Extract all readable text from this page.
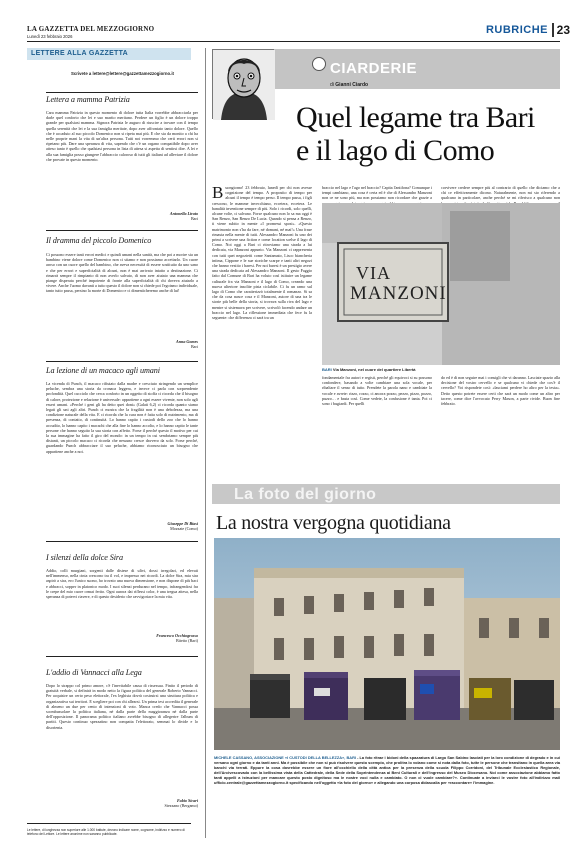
LA GAZZETTA DEL MEZZOGIORNO
Lunedì 23 febbraio 2026
RUBRICHE 23
LETTERE ALLA GAZZETTA
Scrivete a lettere@lettere@gazzettamezzogiorno.it
Lettera a mamma Patrizia
Cara mamma Patrizia in questo momento di dolore tutta Italia vorrebbe abbracciarla per darle quel conforto che lei e suo marito meritano. Perdere un figlio è un dolore troppo grande per qualsiasi mamma. Signora Patrizia le auguro di riuscire a trovare con il tempo quella serenità che lei e la sua famiglia meritate, dopo aver affrontato tanto dolore. Quello che è accaduto al suo piccolo Domenico non si ripeta mai più. E che sia da monito a chi ha nelle proprie mani la vita di un'altra persona. Tutti noi vorremmo che certi errori non si ripetano più. Dare una speranza di vita, sapendo che c'è un organo compatibile dopo aver atteso tanto è quello che qualsiasi persona in lista di attesa si aspetta di sentirsi dire. A lei e alla sua famiglia posso giungere l'abbraccio caloroso di tutti gli italiani ad alleviare il dolore che provate in questo momento.
Antonella Lirato
Bari
Il dramma del piccolo Domenico
Ci possono essere tanti errori medici e quindi umani nella sanità, ma che poi a morire sia un bambino viene dolore come Domenico non ci stiamo e non possiamo accettarlo. Un cuore aroso con un cuore quello del bambino, che aveva necessità di essere sostituito da uno sano e che per errori e superficialità di alcuni, non è mai arrivato intatto a destinazione. Ci rimarrà sempre il rimpianto di non averlo salvato, di non aver aiutato una mamma che piange disperata perché impotente di fronte alla superficialità di chi doveva aiutarlo a vivere. Anche l'uomo davanti a tutto questo il dolore non si chiede poi l'egoismo individuale, tanto tutto passa, persino la morte di Domenico e ci dimenticheremo anche di lui!
Anna Gomes
Bari
La lezione di un macaco agli umani
La vicenda di Punch, il macaco rifiutato dalla madre e cresciuto stringendo un semplice peluche, sembra una storia da cronaca leggera, e invece ci parla con sorprendente profondità. Quel cucciolo che cerca conforto in un oggetto di stoffa ci ricorda che il bisogno di calore, protezione e relazione è universale: appartiene a ogni essere vivente, non solo agli esseri umani. «Perché i geni gli ha detto quei doni» (Galati 6,2) ci ricorda quanto siamo legati gli uni agli altri. Punch ci mostra che la fragilità non è una debolezza, ma una condizione naturale della vita. E ci ricorda che la cura non è fatta solo di nutrimento, ma di presenza, di contatto, di continuità. Lo hanno capito i custodi dello zoo che lo hanno accudito, lo hanno capito i macachi che alla fine lo hanno accolto, e lo hanno capito le tante persone che hanno seguito la sua storia con affetto. Forse il perché questo il motivo per cui la sua immagine ha fatto il giro del mondo: in un tempo in cui sembriamo sempre più distanti, un piccolo macaco ci ricorda che nessuno cresce davvero da solo. Forse perché, guardando Punch abbracciare il suo peluche, abbiamo riconosciuto un bisogno che appartiene anche a noi.
Giuseppe Di Biasi
Mozzate (Como)
I silenzi della dolce Sira
Addio, colli murgiani, sorgenti dalle distese di ulivi, dossi irregolari, ed elevati nell'immenso, nella cinta crescono tra il vol, e impresso nei ricordi. La dolce Sira, mia sira aspirò a sira, ero l'unico suono, ho trovato una nuova dimensione, e non dispone di più baci e abbracci, sopper in platonico modo. I suoi silenzi perdurano nel tempo, infrangendosi fra le crepe del mio cuore ormai ferito. Ogni aurora dai riflessi color, è una tregua attesa, nella speranza di potervi riavere, e di questo desiderio che ravvigoriace la mia vita.
Francesco Occhiogrosso
Bitetto (Bari)
L'addio di Vannacci alla Lega
Dopo lo strappo col primo amore, c'è l'inevitabile causa di rissessua. Finito il periodo di gratuità verbale, si definirà in modo netto la figura politica del generale Roberto Vannacci. Per acquisire un certo peso elettorale, l'ex leghista dovrà costruirsi una struttura politica e organizzativa sui territori. E scegliere poi con chi allearsi. Un prima test accredita il generale di almeno un due per cento di intenzioni di voto. Manca credo che Vannacci possa scombussolare la politica italiana, nè dalla parte della maggioranza nè dalla parte dell'opposizione. Il panorama politico italiano avrebbe bisogno di allegerire l'album di partiti. Questo continuo spezzatino non compatta l'elettorato, semmai lo divide e lo disorienta.
Fabio Sicari
Stezzano (Bergamo)
Le lettere, di lunghezza non superiore alle 1.000 battute, devono indicare nome, cognome, indirizzo e numero di telefono del Lettore. Le lettere anonime non saranno pubblicate.
CIARDERIE
di Gianni Ciardo
Quel legame tra Bari
e il lago di Como
Buongiorno! 23 febbraio, lunedì per chi non avesse cognizione del tempo. A proposito di tempo per alcuni il tempo è tempo perso. Il tempo passa, i figli crescono, le mamme invecchiano, eccetera, eccetera. Le banalità inventione sempre di più. Solo i ricordi, solo quelli, alcune volte, ci salvano. Forse qualcuno non lo sa ma oggi è San Renzo, San Renzo De Lucia. Quando si pensa a Renzo, ti viene subito in mente «I promessi sposi». «Questo matrimonio non s'ha da fare, né domani, né mai!» Una frase rimasta nella mente di tutti. Alessandro Manzoni fu uno dei primi a scrivere una fiction e come location scelse il lago di Como. Noi oggi a Bari ci ritroviamo una strada a lui dedicata, via Manzoni appunto. Via Manzoni ci rappresenta con tutti quei negozietti come Santamato, Lisco biancheria intima, Cippone e le sue storiche scarpe e tanti altri negozi che hanno vestito i baresi. Per noi baresi è un prestigio avere una strada dedicata ad Alessandro Manzoni. Il gesto Faggio fatto dal Comune di Bari ha voluto così istituire un legame culturale fra via Manzoni e il lago di Como, creando una nuova ulteriore insolite pista ciclabile. Ci fu un ramo sul lago di Como che caratterizzò totalmente il romanzo. Si sa che da cosa nasce cosa e il Manzoni, autore di una tra le storie più belle della storia, si trovava sulla riva del lago e mentre si sistemava per scrivere, scrivolò facendo andare un braccio nel lago. La riflessione immediata che fece fu la seguente: che differenza ci sarà tra un
braccio nel lago e l'ago nel braccio? Capita l'antifona? Comunque i tempi cambiano, una cosa è certa ed è che di Alessandro Manzoni non ce ne sono più, ma non possiamo non ricordare che grazie a
corvivere credere sempre più al contrario di quello che diciamo che a chi ce effettivamente dicono. Naturalmente, non mi sto riferendo a qualcuno in particolare, anche perché se mi riferisco a qualcuno non
VIA
MANZONI
BARI Via Manzoni, nel cuore del quartiere Libertà
fondamentale fra autori e registi, perché gli equivoci si su possono confondere, basando a volte cambiare una sola vocale, per ribaltare il senso di tutto. Prendete la parola nano e cambiate la vocale e avrete: rizzo, rozzo, ci ancora pozzo, pezzo, pizzo, pozzo, puzzo… e basta così. Come vedete, la confusione è tanta. Poi ci sono i bugiardi. Per quelli
do ed è di non seguire mai i consigli che vi daranno. Lasciate spazio alla decisione del vostro cervello e se qualcuno vi chiede che cos'è il cervello? Voi rispondete così: «lasciami perdere ho altro per la testa». Detto questo potrete essere certi che sarà un modo come un altro per tacere, come dice l'avvocato Perry Mason, a parte rivide. Buon fine febbraio.
La foto del giorno
La nostra vergogna quotidiana
MICHELE CASSANO, ASSOCIAZIONE «I CUSTODI DELLA BELLEZZA», BARI - La foto ritrae i bidoni della spazzatura di Largo San Sabino lasciati per la loro condizione di degrado e in cui versano ogni giorno e da tanti anni. Ma è possibile che non si può risolvere questo scempio, che prolitra lo volano come si nota dalla foto, tutte le persone che transitano in quella area via banchi via terrati. Eppure la cosa dovrebbe essere un fiore all'occhiello della città antica per la presenza della scuola Filippo Corridoni, del Tribunale Ecclesiastico Regionale, dell'Arcivescovado con la bellissima vista della Cattedrale, della Sede della Soprintendenza ai Beni Culturali e dell'ingresso del Museo Diocesano. Noi come associazione abbiamo fatto tanti appelli a istruzioni per mancare questo posto dignitoso ma le nostre voci nulla e cambiato. O non ci vuole cambiare?». Continuate a inviarci le vostre foto all'indirizzo mail ufficio.centrale@gazzettamezzogiorno.it specificando nell'oggetto «la foto del giorno» e allegando una corposa didascalia per «raccontare» l'immagine.
